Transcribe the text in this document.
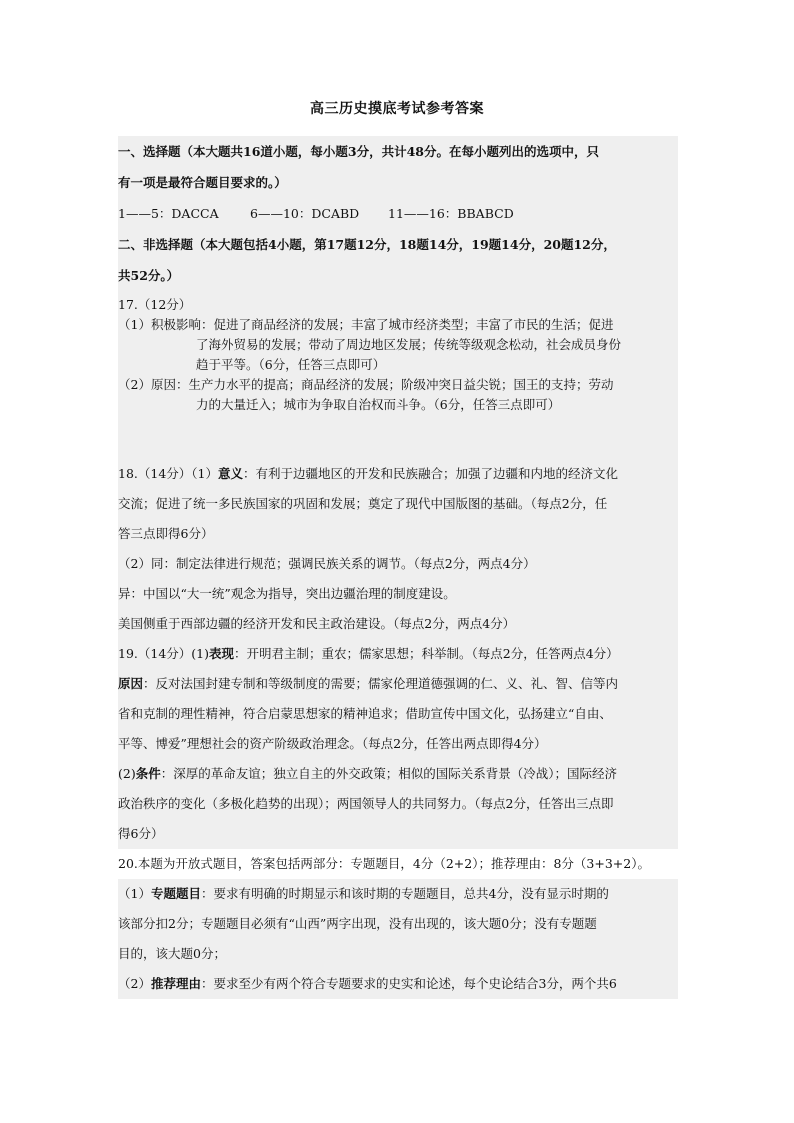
高三历史摸底考试参考答案
一、选择题（本大题共16道小题，每小题3分，共计48分。在每小题列出的选项中，只
有一项是最符合题目要求的。）
1——5：DACCA	6——10：DCABD 11——16：BBABCD
二、非选择题（本大题包括4小题，第17题12分，18题14分，19题14分，20题12分，
共52分。）
17.（12分）
（1）积极影响：促进了商品经济的发展；丰富了城市经济类型；丰富了市民的生活；促进
了海外贸易的发展；带动了周边地区发展；传统等级观念松动，社会成员身份
趋于平等。（6分，任答三点即可）
（2）原因：生产力水平的提高；商品经济的发展；阶级冲突日益尖锐；国王的支持；劳动
力的大量迁入；城市为争取自治权而斗争。（6分，任答三点即可）
18.（14分）（1）意义：有利于边疆地区的开发和民族融合；加强了边疆和内地的经济文化
交流；促进了统一多民族国家的巩固和发展；奠定了现代中国版图的基础。（每点2分，任
答三点即得6分）
（2）同：制定法律进行规范；强调民族关系的调节。（每点2分，两点4分）
异：中国以“大一统”观念为指导，突出边疆治理的制度建设。
美国侧重于西部边疆的经济开发和民主政治建设。（每点2分，两点4分）
19.（14分）(1)表现：开明君主制；重农；儒家思想；科举制。（每点2分，任答两点4分）
原因：反对法国封建专制和等级制度的需要；儒家伦理道德强调的仁、义、礼、智、信等内
省和克制的理性精神，符合启蒙思想家的精神追求；借助宣传中国文化，弘扬建立“自由、
平等、博爱”理想社会的资产阶级政治理念。（每点2分，任答出两点即得4分）
(2)条件：深厚的革命友谊；独立自主的外交政策；相似的国际关系背景（冷战）；国际经济
政治秩序的变化（多极化趋势的出现）；两国领导人的共同努力。（每点2分，任答出三点即
得6分）
20.本题为开放式题目，答案包括两部分：专题题目，4分（2+2）；推荐理由：8分（3+3+2）。
（1）专题题目：要求有明确的时期显示和该时期的专题题目，总共4分，没有显示时期的
该部分扣2分；专题题目必须有“山西”两字出现，没有出现的，该大题0分；没有专题题
目的，该大题0分；
（2）推荐理由：要求至少有两个符合专题要求的史实和论述，每个史论结合3分，两个共6
